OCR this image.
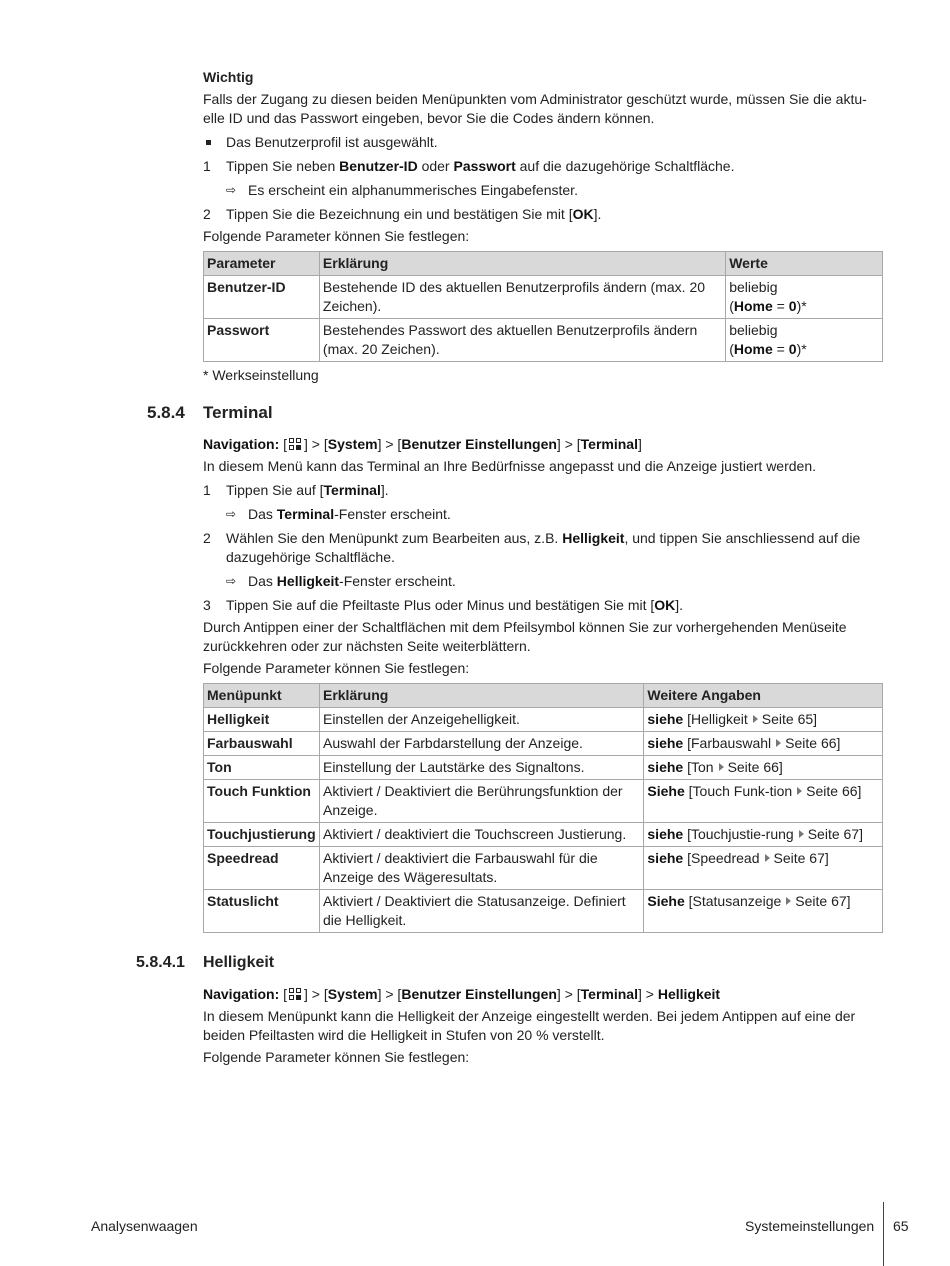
Wichtig

Falls der Zugang zu diesen beiden Menüpunkten vom Administrator geschützt wurde, müssen Sie die aktu-elle ID und das Passwort eingeben, bevor Sie die Codes ändern können.

Das Benutzerprofil ist ausgewählt.
1	Tippen Sie neben Benutzer-ID oder Passwort auf die dazugehörige Schaltfläche.
⇨ Es erscheint ein alphanummerisches Eingabefenster.
2	Tippen Sie die Bezeichnung ein und bestätigen Sie mit [OK].

Folgende Parameter können Sie festlegen:

Parameter	Erklärung	Werte
Benutzer-ID	Bestehende ID des aktuellen Benutzerprofils ändern (max. 20 Zeichen).	beliebig
(Home = 0)*
Passwort	Bestehendes Passwort des aktuellen Benutzerprofils ändern (max. 20 Zeichen).	beliebig
(Home = 0)*

* Werkseinstellung

5.8.4 Terminal

Navigation: [ ] > [System] > [Benutzer Einstellungen] > [Terminal]

In diesem Menü kann das Terminal an Ihre Bedürfnisse angepasst und die Anzeige justiert werden.

1	Tippen Sie auf [Terminal].
⇨ Das Terminal-Fenster erscheint.
2	Wählen Sie den Menüpunkt zum Bearbeiten aus, z.B. Helligkeit, und tippen Sie anschliessend auf die dazugehörige Schaltfläche.
⇨ Das Helligkeit-Fenster erscheint.
3	Tippen Sie auf die Pfeiltaste Plus oder Minus und bestätigen Sie mit [OK].

Durch Antippen einer der Schaltflächen mit dem Pfeilsymbol können Sie zur vorhergehenden Menüseite zurückkehren oder zur nächsten Seite weiterblättern.

Folgende Parameter können Sie festlegen:

Menüpunkt	Erklärung	Weitere Angaben
Helligkeit	Einstellen der Anzeigehelligkeit.	siehe [Helligkeit Seite 65]
Farbauswahl	Auswahl der Farbdarstellung der Anzeige.	siehe [Farbauswahl Seite 66]
Ton	Einstellung der Lautstärke des Signaltons.	siehe [Ton Seite 66]
Touch Funktion	Aktiviert / Deaktiviert die Berührungsfunktion der Anzeige.	Siehe [Touch Funk-tion Seite 66]
Touchjustierung	Aktiviert / deaktiviert die Touchscreen Justierung.	siehe [Touchjustie-rung Seite 67]
Speedread	Aktiviert / deaktiviert die Farbauswahl für die Anzeige des Wägeresultats.	siehe [Speedread Seite 67]
Statuslicht	Aktiviert / Deaktiviert die Statusanzeige. Definiert die Helligkeit.	Siehe [Statusanzeige Seite 67]
5.8.4.1 Helligkeit

Navigation: [ ] > [System] > [Benutzer Einstellungen] > [Terminal] > Helligkeit

In diesem Menüpunkt kann die Helligkeit der Anzeige eingestellt werden. Bei jedem Antippen auf eine der beiden Pfeiltasten wird die Helligkeit in Stufen von 20 % verstellt.

Folgende Parameter können Sie festlegen:

Analysenwaagen	Systemeinstellungen 65
